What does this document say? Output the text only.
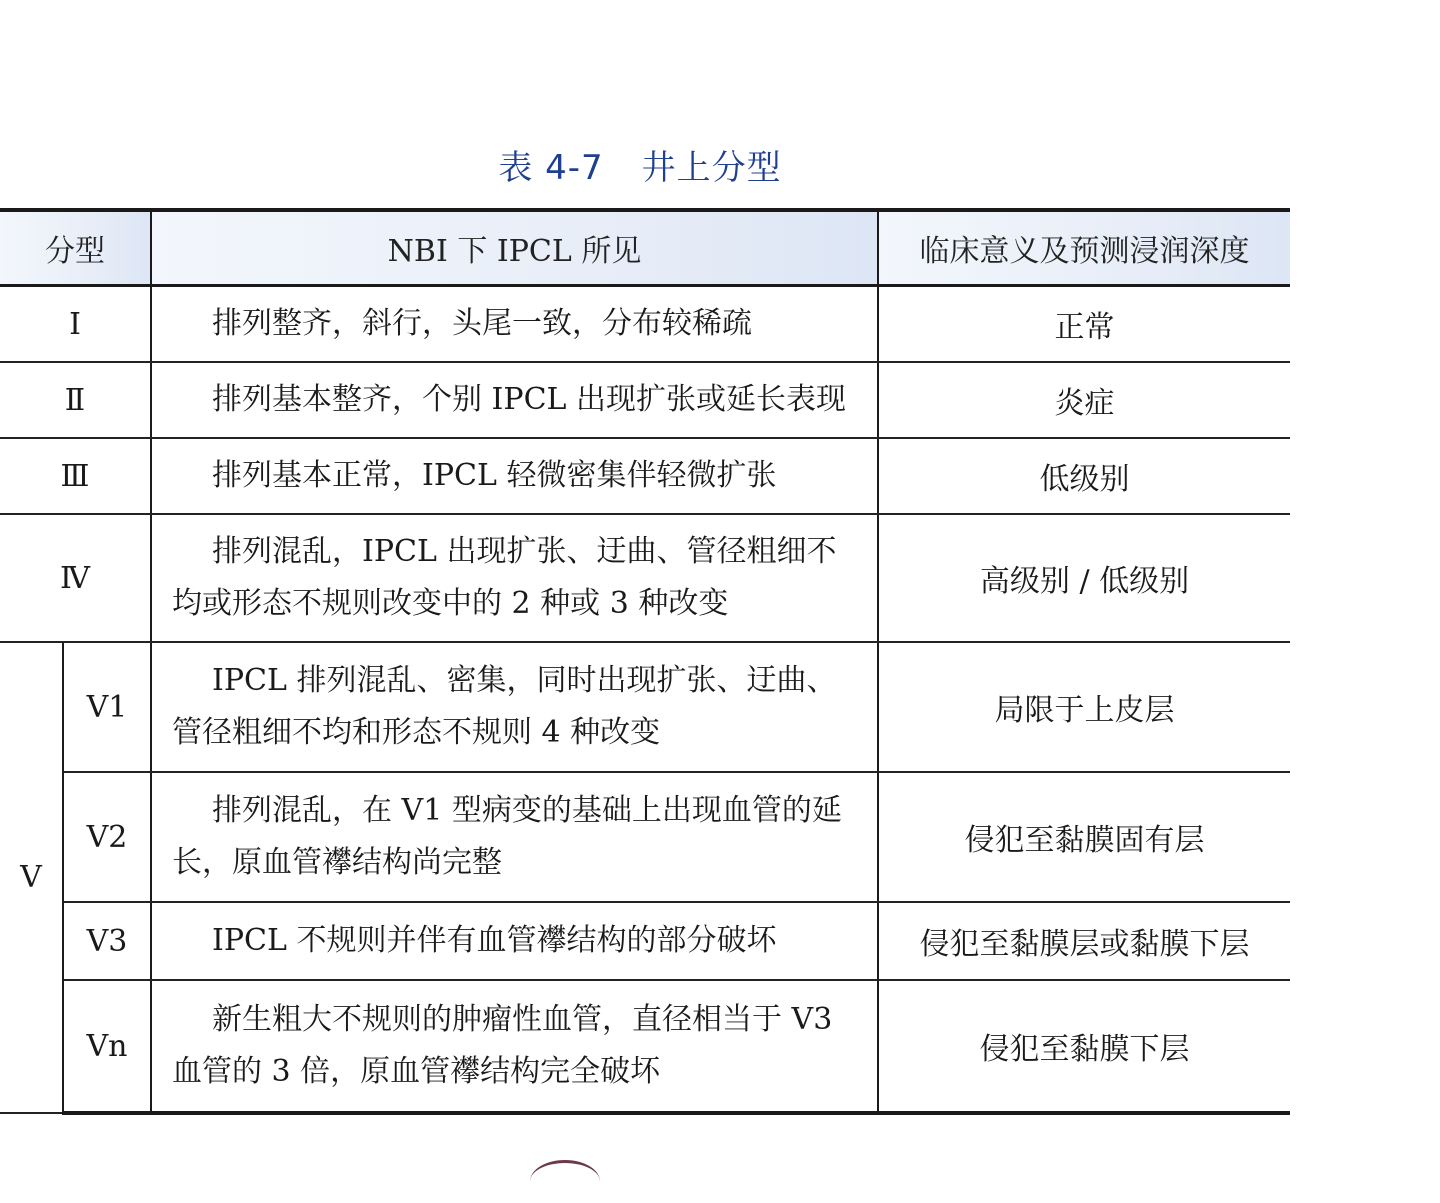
表 4-7 井上分型
分型		NBI 下 IPCL 所见	临床意义及预测浸润深度
Ⅰ		排列整齐，斜行，头尾一致，分布较稀疏	正常
Ⅱ		排列基本整齐，个别 IPCL 出现扩张或延长表现	炎症
Ⅲ		排列基本正常，IPCL 轻微密集伴轻微扩张	低级别
Ⅳ		排列混乱，IPCL 出现扩张、迂曲、管径粗细不均或形态不规则改变中的 2 种或 3 种改变	高级别 / 低级别
V	V1	IPCL 排列混乱、密集，同时出现扩张、迂曲、管径粗细不均和形态不规则 4 种改变	局限于上皮层
	V2	排列混乱，在 V1 型病变的基础上出现血管的延长，原血管襻结构尚完整	侵犯至黏膜固有层
	V3	IPCL 不规则并伴有血管襻结构的部分破坏	侵犯至黏膜层或黏膜下层
	Vn	新生粗大不规则的肿瘤性血管，直径相当于 V3 血管的 3 倍，原血管襻结构完全破坏	侵犯至黏膜下层
